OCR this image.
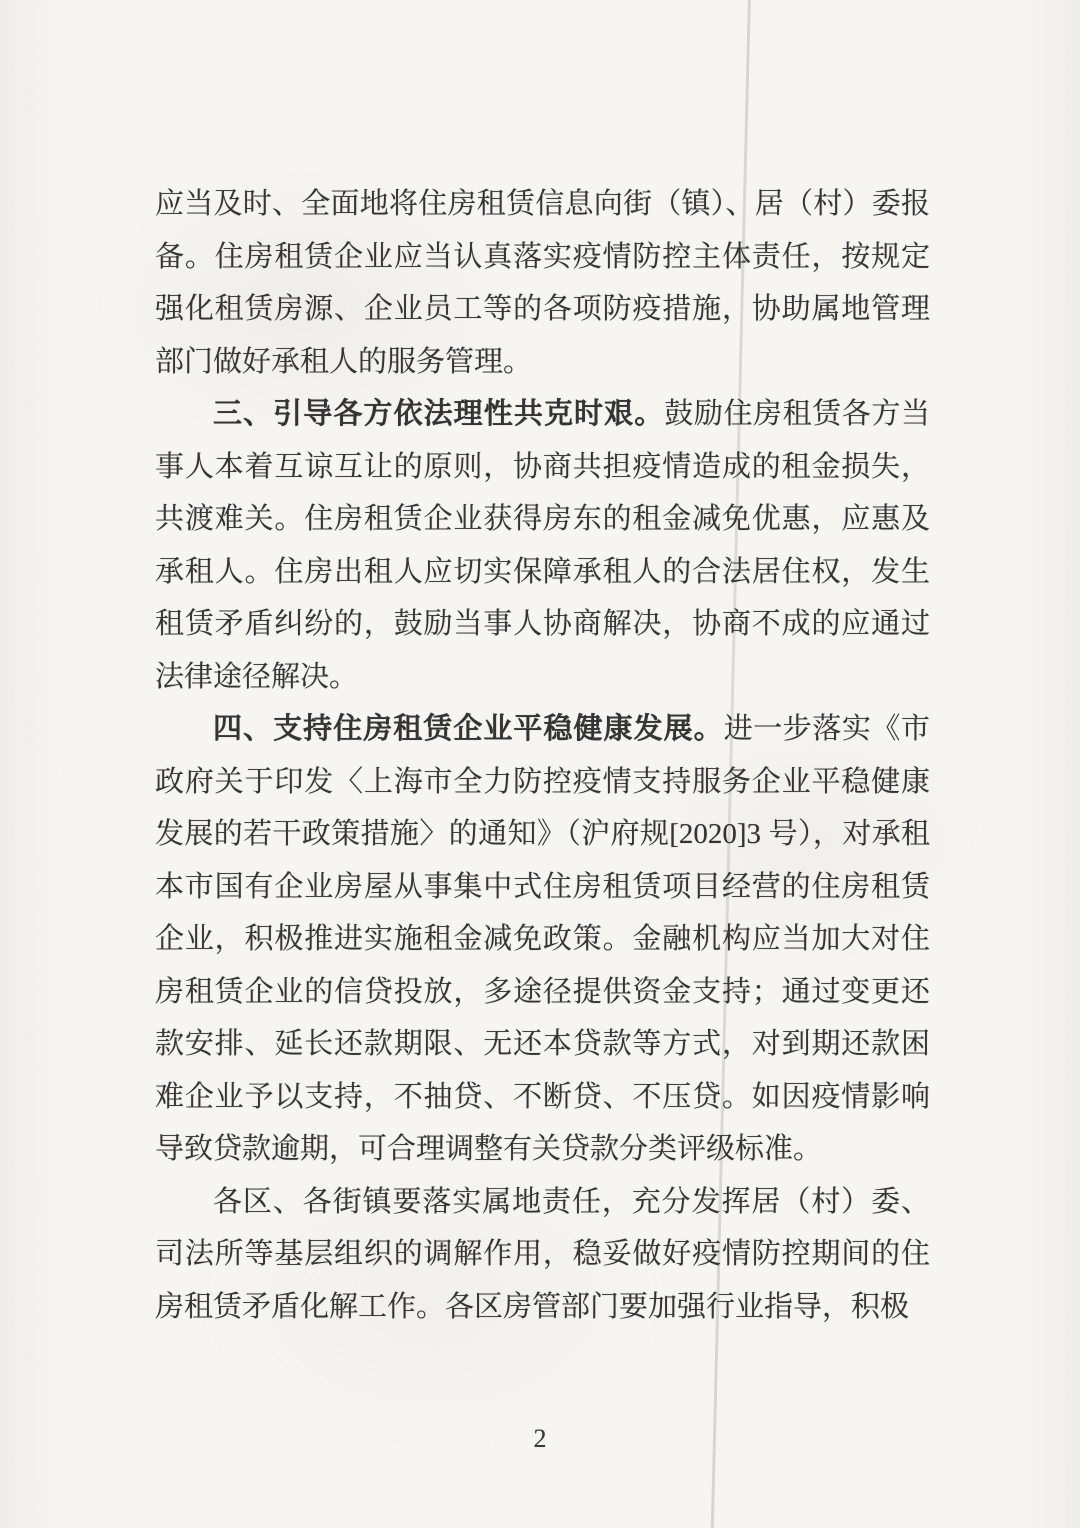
应当及时、全面地将住房租赁信息向街（镇）、居（村）委报备。住房租赁企业应当认真落实疫情防控主体责任，按规定强化租赁房源、企业员工等的各项防疫措施，协助属地管理部门做好承租人的服务管理。

三、引导各方依法理性共克时艰。鼓励住房租赁各方当事人本着互谅互让的原则，协商共担疫情造成的租金损失，共渡难关。住房租赁企业获得房东的租金减免优惠，应惠及承租人。住房出租人应切实保障承租人的合法居住权，发生租赁矛盾纠纷的，鼓励当事人协商解决，协商不成的应通过法律途径解决。

四、支持住房租赁企业平稳健康发展。进一步落实《市政府关于印发〈上海市全力防控疫情支持服务企业平稳健康发展的若干政策措施〉的通知》（沪府规[2020]3 号），对承租本市国有企业房屋从事集中式住房租赁项目经营的住房租赁企业，积极推进实施租金减免政策。金融机构应当加大对住房租赁企业的信贷投放，多途径提供资金支持；通过变更还款安排、延长还款期限、无还本贷款等方式，对到期还款困难企业予以支持，不抽贷、不断贷、不压贷。如因疫情影响导致贷款逾期，可合理调整有关贷款分类评级标准。

各区、各街镇要落实属地责任，充分发挥居（村）委、司法所等基层组织的调解作用，稳妥做好疫情防控期间的住房租赁矛盾化解工作。各区房管部门要加强行业指导，积极

2
